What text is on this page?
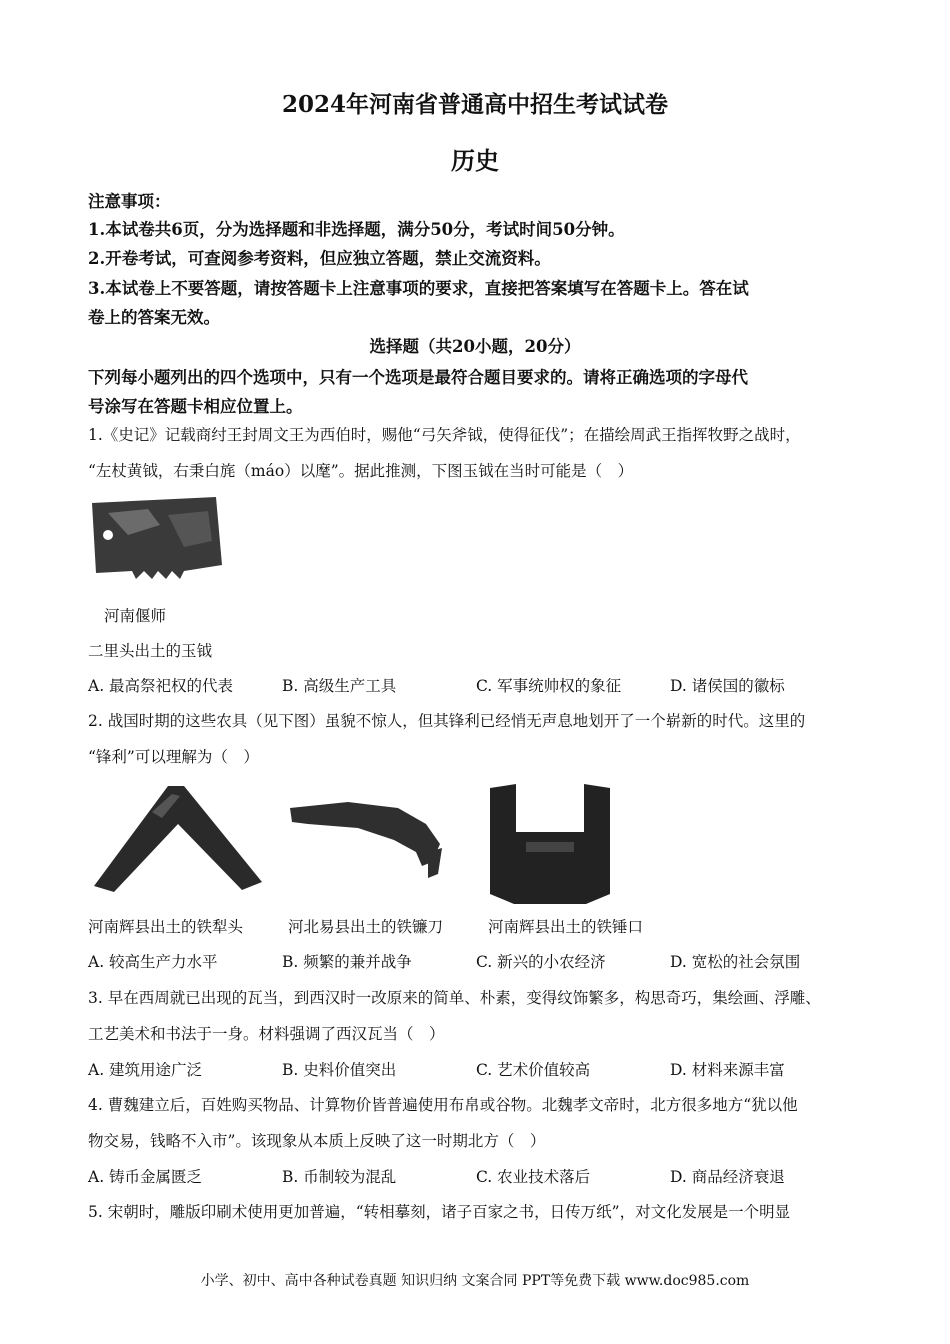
2024年河南省普通高中招生考试试卷
历史
注意事项：
1.本试卷共6页，分为选择题和非选择题，满分50分，考试时间50分钟。
2.开卷考试，可查阅参考资料，但应独立答题，禁止交流资料。
3.本试卷上不要答题，请按答题卡上注意事项的要求，直接把答案填写在答题卡上。答在试
卷上的答案无效。
选择题（共20小题，20分）
下列每小题列出的四个选项中，只有一个选项是最符合题目要求的。请将正确选项的字母代
号涂写在答题卡相应位置上。
1.《史记》记载商纣王封周文王为西伯时，赐他“弓矢斧钺，使得征伐”；在描绘周武王指挥牧野之战时，
“左杖黄钺，右秉白旄（máo）以麾”。据此推测，下图玉钺在当时可能是（　）
河南偃师
二里头出土的玉钺
A. 最高祭祀权的代表	B. 高级生产工具	C. 军事统帅权的象征	D. 诸侯国的徽标
2. 战国时期的这些农具（见下图）虽貌不惊人，但其锋利已经悄无声息地划开了一个崭新的时代。这里的
“锋利”可以理解为（　）
河南辉县出土的铁犁头	河北易县出土的铁镰刀	河南辉县出土的铁锤口
A. 较高生产力水平	B. 频繁的兼并战争	C. 新兴的小农经济	D. 宽松的社会氛围
3. 早在西周就已出现的瓦当，到西汉时一改原来的简单、朴素，变得纹饰繁多，构思奇巧，集绘画、浮雕、
工艺美术和书法于一身。材料强调了西汉瓦当（　）
A. 建筑用途广泛	B. 史料价值突出	C. 艺术价值较高	D. 材料来源丰富
4. 曹魏建立后，百姓购买物品、计算物价皆普遍使用布帛或谷物。北魏孝文帝时，北方很多地方“犹以他
物交易，钱略不入市”。该现象从本质上反映了这一时期北方（　）
A. 铸币金属匮乏	B. 币制较为混乱	C. 农业技术落后	D. 商品经济衰退
5. 宋朝时，雕版印刷术使用更加普遍，“转相摹刻，诸子百家之书，日传万纸”，对文化发展是一个明显
小学、初中、高中各种试卷真题 知识归纳 文案合同 PPT等免费下载 www.doc985.com
